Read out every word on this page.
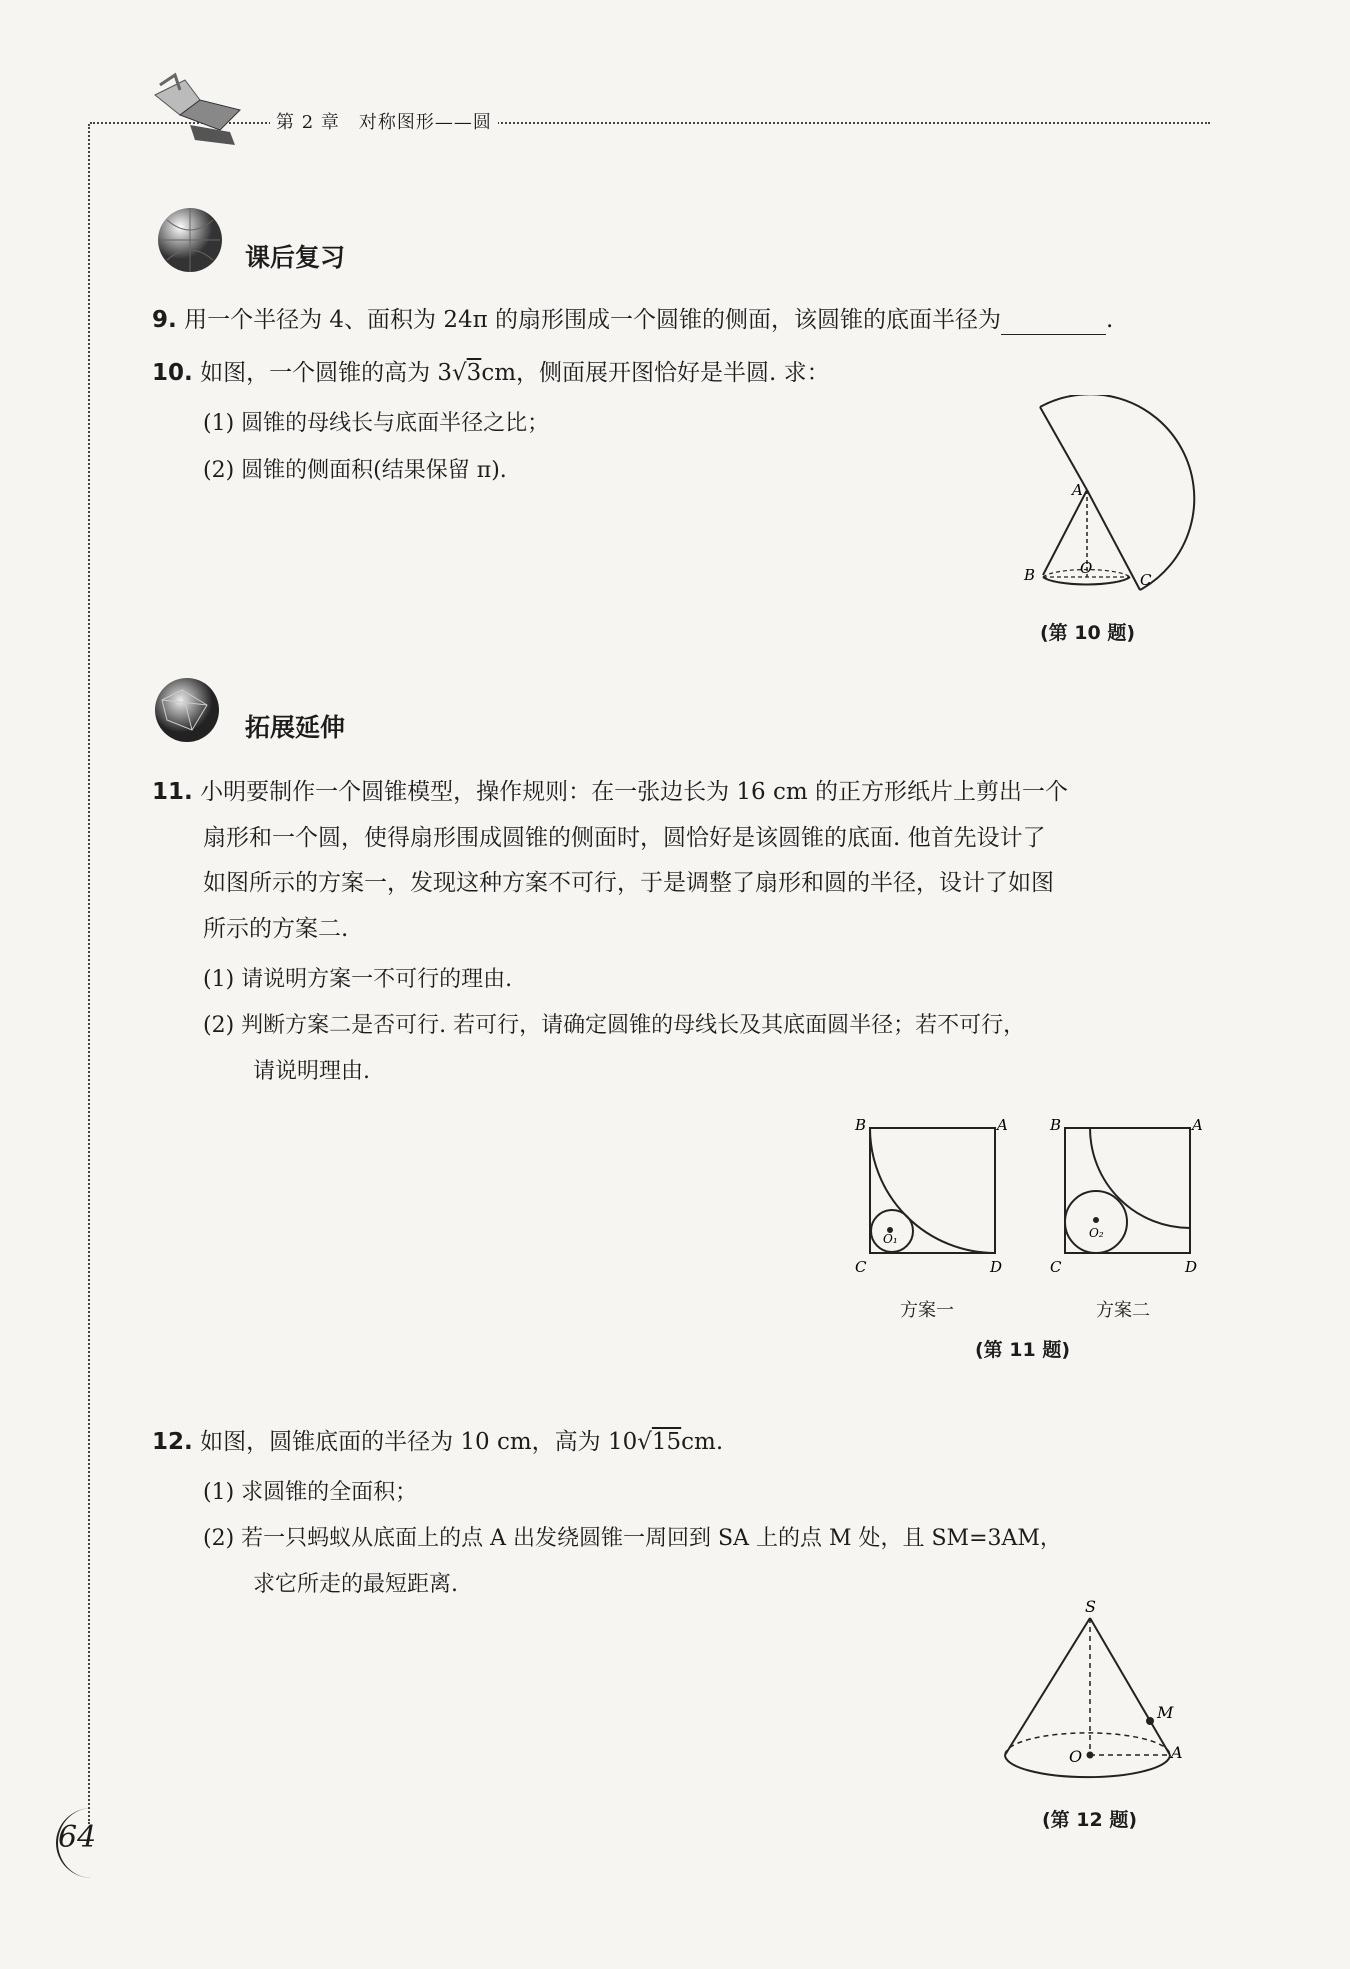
第 2 章　对称图形——圆
课后复习
9. 用一个半径为 4、面积为 24π 的扇形围成一个圆锥的侧面，该圆锥的底面半径为	.
10. 如图，一个圆锥的高为 3√3cm，侧面展开图恰好是半圆. 求：
(1) 圆锥的母线长与底面半径之比；
(2) 圆锥的侧面积(结果保留 π).
A
B	C
O
(第 10 题)
拓展延伸
11. 小明要制作一个圆锥模型，操作规则：在一张边长为 16 cm 的正方形纸片上剪出一个
扇形和一个圆，使得扇形围成圆锥的侧面时，圆恰好是该圆锥的底面. 他首先设计了
如图所示的方案一，发现这种方案不可行，于是调整了扇形和圆的半径，设计了如图
所示的方案二.
(1) 请说明方案一不可行的理由.
(2) 判断方案二是否可行. 若可行，请确定圆锥的母线长及其底面圆半径；若不可行，
请说明理由.
B	A
C	D
O₁
B	A
C	D
O₂
方案一	方案二
(第 11 题)
12. 如图，圆锥底面的半径为 10 cm，高为 10√15cm.
(1) 求圆锥的全面积；
(2) 若一只蚂蚁从底面上的点 A 出发绕圆锥一周回到 SA 上的点 M 处，且 SM=3AM，
求它所走的最短距离.
S
M
O	A
(第 12 题)
64
